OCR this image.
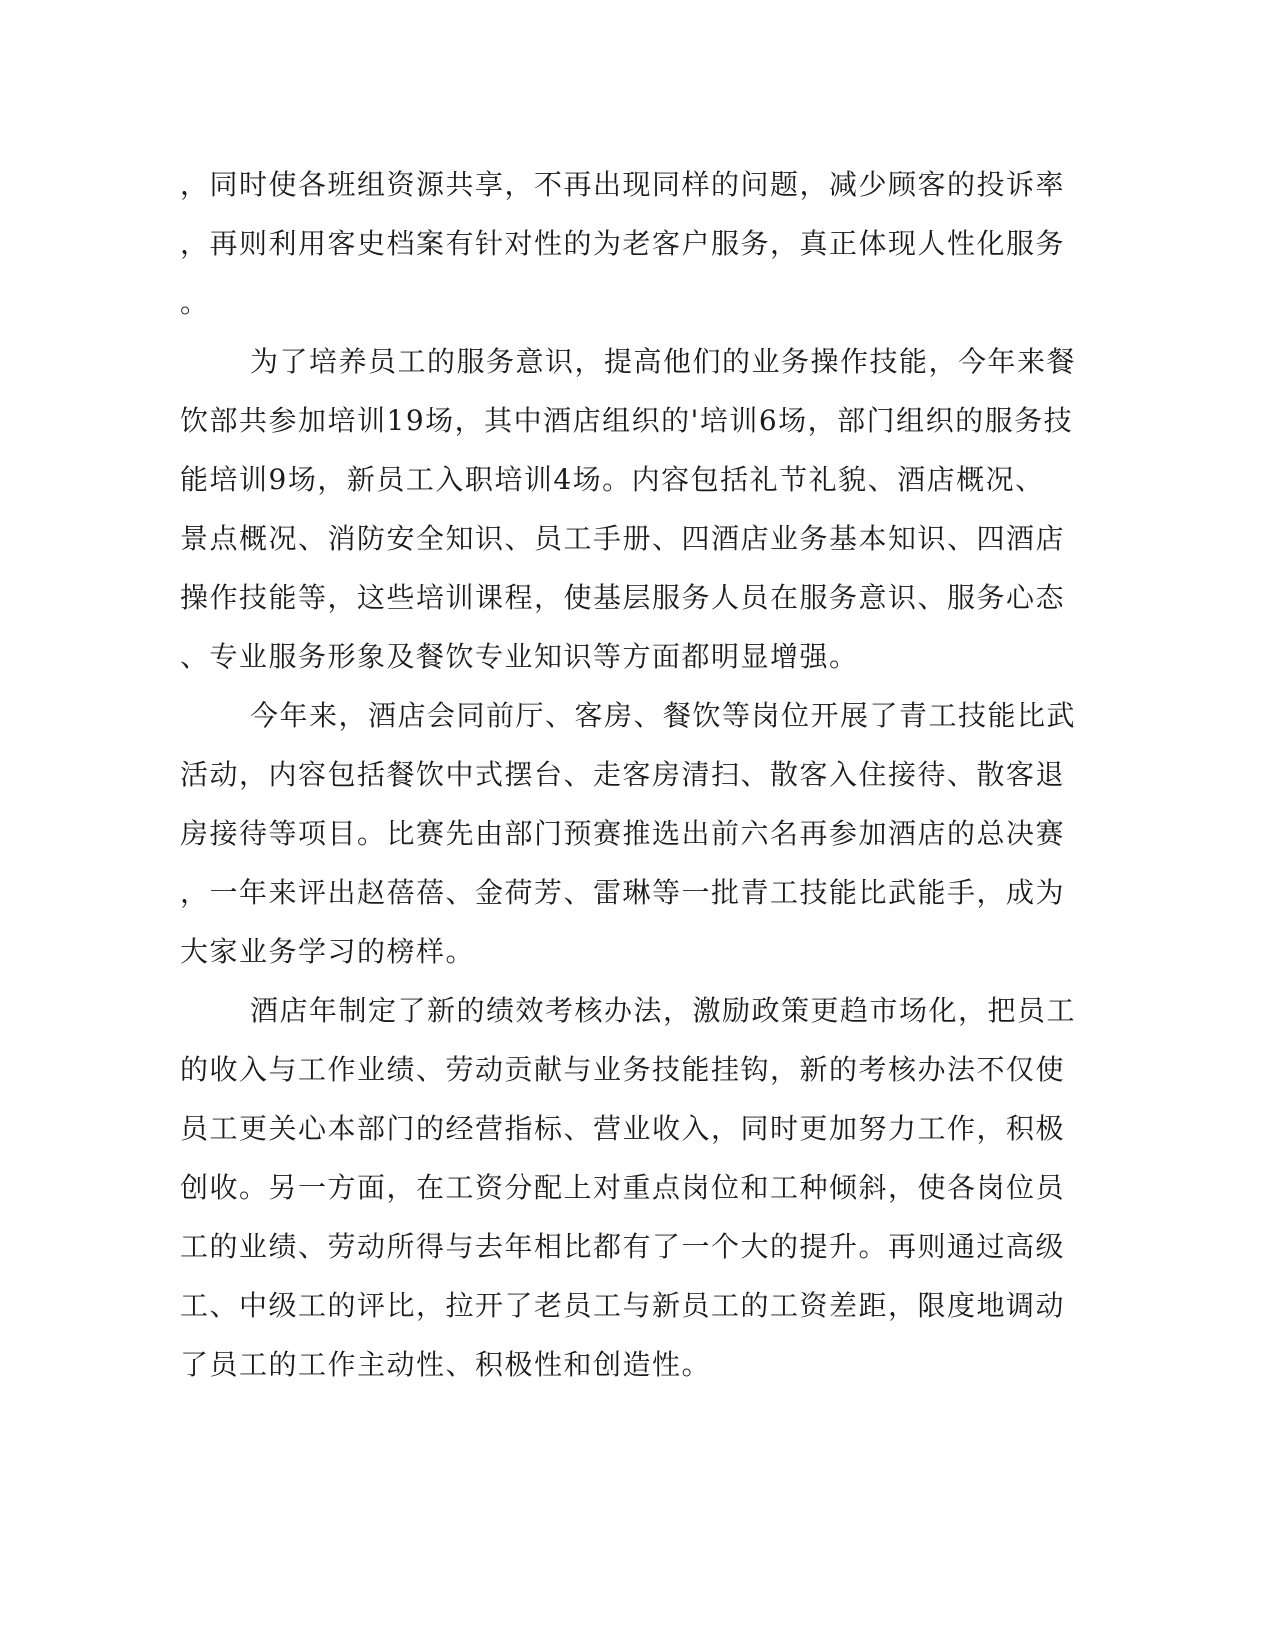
，同时使各班组资源共享，不再出现同样的问题，减少顾客的投诉率
，再则利用客史档案有针对性的为老客户服务，真正体现人性化服务
。
为了培养员工的服务意识，提高他们的业务操作技能，今年来餐
饮部共参加培训19场，其中酒店组织的'培训6场，部门组织的服务技
能培训9场，新员工入职培训4场。内容包括礼节礼貌、酒店概况、
景点概况、消防安全知识、员工手册、四酒店业务基本知识、四酒店
操作技能等，这些培训课程，使基层服务人员在服务意识、服务心态
、专业服务形象及餐饮专业知识等方面都明显增强。
今年来，酒店会同前厅、客房、餐饮等岗位开展了青工技能比武
活动，内容包括餐饮中式摆台、走客房清扫、散客入住接待、散客退
房接待等项目。比赛先由部门预赛推选出前六名再参加酒店的总决赛
，一年来评出赵蓓蓓、金荷芳、雷琳等一批青工技能比武能手，成为
大家业务学习的榜样。
酒店年制定了新的绩效考核办法，激励政策更趋市场化，把员工
的收入与工作业绩、劳动贡献与业务技能挂钩，新的考核办法不仅使
员工更关心本部门的经营指标、营业收入，同时更加努力工作，积极
创收。另一方面，在工资分配上对重点岗位和工种倾斜，使各岗位员
工的业绩、劳动所得与去年相比都有了一个大的提升。再则通过高级
工、中级工的评比，拉开了老员工与新员工的工资差距，限度地调动
了员工的工作主动性、积极性和创造性。
